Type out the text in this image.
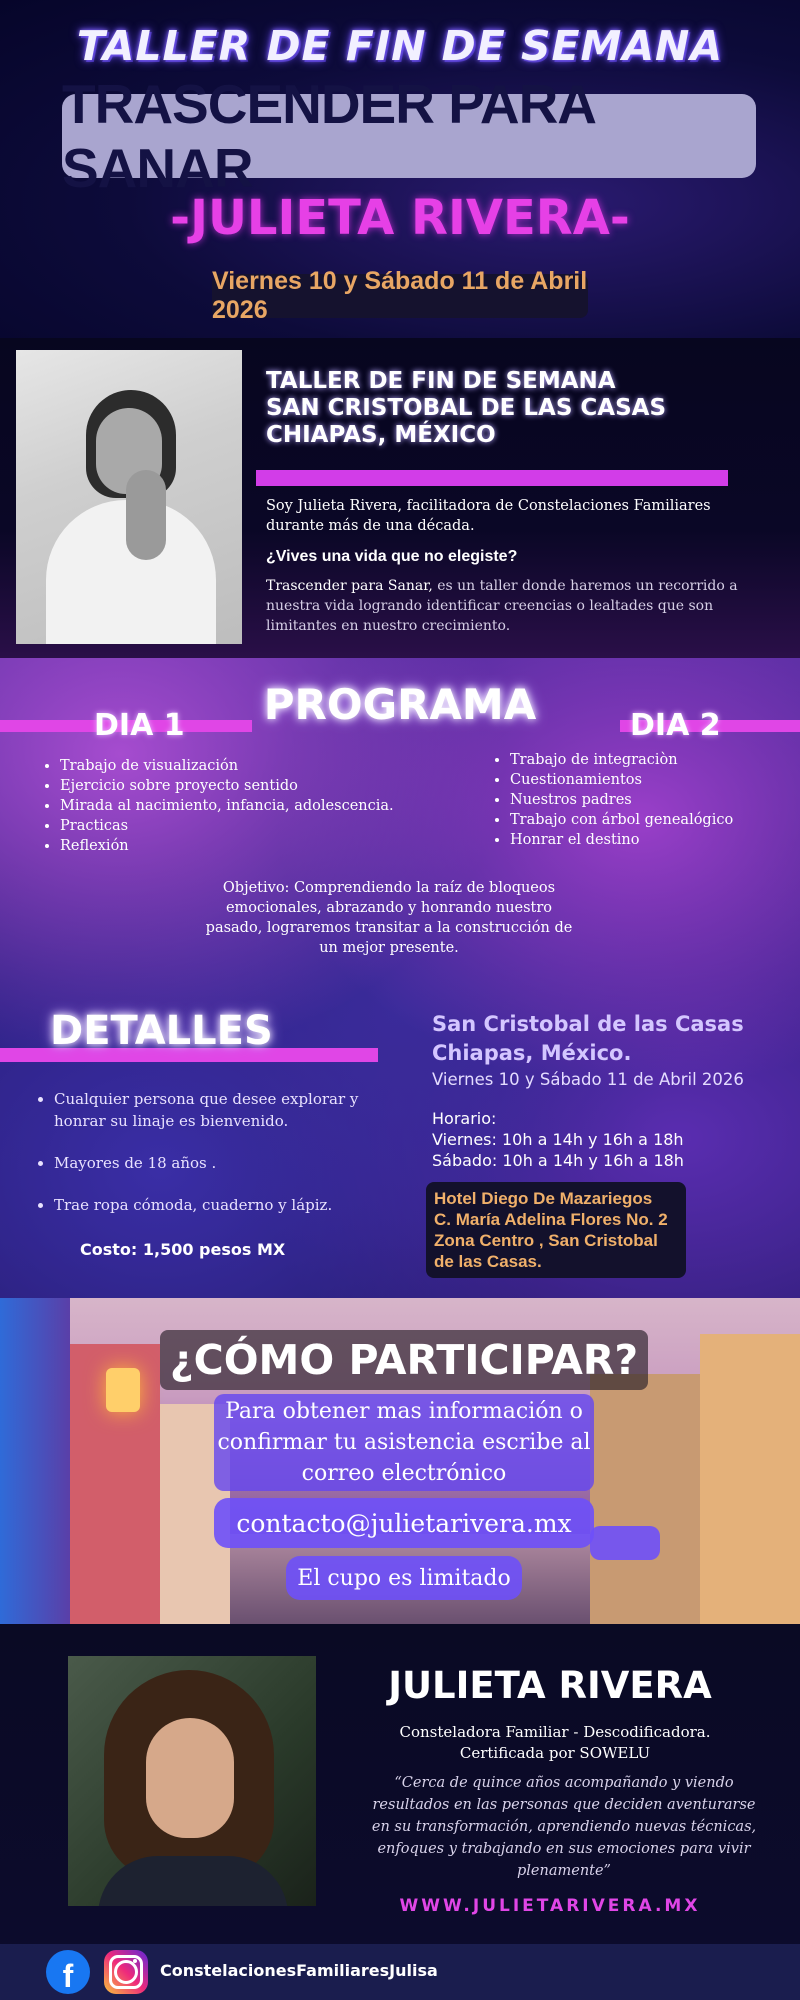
TALLER DE FIN DE SEMANA
TRASCENDER PARA SANAR
-JULIETA RIVERA-
Viernes 10 y Sábado 11 de Abril 2026
TALLER DE FIN DE SEMANA
SAN CRISTOBAL DE LAS CASAS
CHIAPAS, MÉXICO
Soy Julieta Rivera, facilitadora de Constelaciones Familiares durante más de una década.
¿Vives una vida que no elegiste?
Trascender para Sanar, es un taller donde haremos un recorrido a nuestra vida logrando identificar creencias o lealtades que son limitantes en nuestro crecimiento.
PROGRAMA
DIA 1	DIA 2
• Trabajo de visualización
• Ejercicio sobre proyecto sentido
• Mirada al nacimiento, infancia, adolescencia.
• Practicas
• Reflexión
• Trabajo de integraciòn
• Cuestionamientos
• Nuestros padres
• Trabajo con árbol genealógico
• Honrar el destino
Objetivo: Comprendiendo la raíz de bloqueos emocionales, abrazando y honrando nuestro pasado, lograremos transitar a la construcción de un mejor presente.
DETALLES
• Cualquier persona que desee explorar y honrar su linaje es bienvenido.
• Mayores de 18 años .
• Trae ropa cómoda, cuaderno y lápiz.
Costo: 1,500 pesos MX
San Cristobal de las Casas
Chiapas, México.
Viernes 10 y Sábado 11 de Abril 2026
Horario:
Viernes: 10h a 14h y 16h a 18h
Sábado: 10h a 14h y 16h a 18h
Hotel Diego De Mazariegos
C. María Adelina Flores No. 2
Zona Centro , San Cristobal de las Casas.
¿CÓMO PARTICIPAR?
Para obtener mas información o confirmar tu asistencia escribe al correo electrónico
contacto@julietarivera.mx
El cupo es limitado
JULIETA RIVERA
Consteladora Familiar - Descodificadora.
Certificada por SOWELU
“Cerca de quince años acompañando y viendo resultados en las personas que deciden aventurarse en su transformación, aprendiendo nuevas técnicas, enfoques y trabajando en sus emociones para vivir plenamente”
WWW.JULIETARIVERA.MX
f	ConstelacionesFamiliaresJulisa
